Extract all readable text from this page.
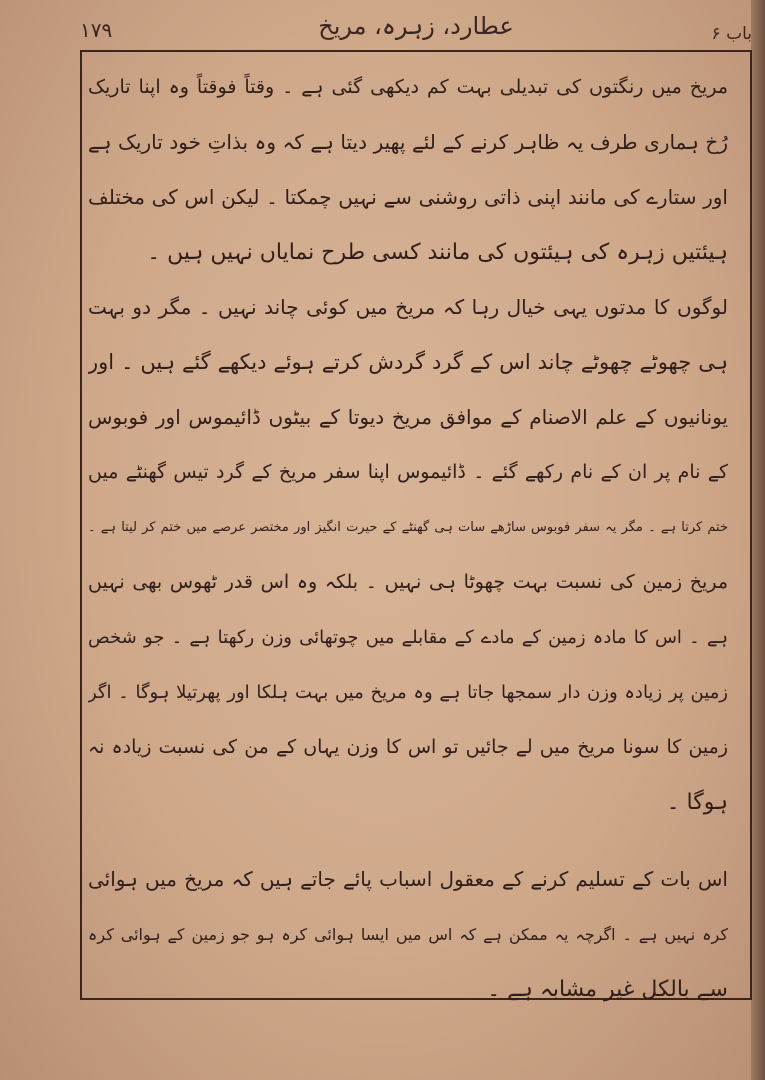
باب ۶
عطارد، زہرہ، مریخ
۱۷۹
مریخ میں رنگتوں کی تبدیلی بہت کم دیکھی گئی ہے ۔ وقتاً فوقتاً وہ اپنا تاریک
رُخ ہماری طرف یہ ظاہر کرنے کے لئے پھیر دیتا ہے کہ وہ بذاتِ خود تاریک ہے
اور ستارے کی مانند اپنی ذاتی روشنی سے نہیں چمکتا ۔ لیکن اس کی مختلف
ہیئتیں زہرہ کی ہیئتوں کی مانند کسی طرح نمایاں نہیں ہیں ۔
لوگوں کا مدتوں یہی خیال رہا کہ مریخ میں کوئی چاند نہیں ۔ مگر دو بہت
ہی چھوٹے چھوٹے چاند اس کے گرد گردش کرتے ہوئے دیکھے گئے ہیں ۔ اور
یونانیوں کے علم الاصنام کے موافق مریخ دیوتا کے بیٹوں ڈائیموس اور فوبوس
کے نام پر ان کے نام رکھے گئے ۔ ڈائیموس اپنا سفر مریخ کے گرد تیس گھنٹے میں
ختم کرتا ہے ۔ مگر یہ سفر فوبوس ساڑھے سات ہی گھنٹے کے حیرت انگیز اور مختصر عرصے میں ختم کر لیتا ہے ۔
مریخ زمین کی نسبت بہت چھوٹا ہی نہیں ۔ بلکہ وہ اس قدر ٹھوس بھی نہیں
ہے ۔ اس کا مادہ زمین کے مادے کے مقابلے میں چوتھائی وزن رکھتا ہے ۔ جو شخص
زمین پر زیادہ وزن دار سمجھا جاتا ہے وہ مریخ میں بہت ہلکا اور پھرتیلا ہوگا ۔ اگر
زمین کا سونا مریخ میں لے جائیں تو اس کا وزن یہاں کے من کی نسبت زیادہ نہ
ہوگا ۔
اس بات کے تسلیم کرنے کے معقول اسباب پائے جاتے ہیں کہ مریخ میں ہوائی
کرہ نہیں ہے ۔ اگرچہ یہ ممکن ہے کہ اس میں ایسا ہوائی کرہ ہو جو زمین کے ہوائی کرہ
سے بالکل غیر مشابہ ہے ۔
